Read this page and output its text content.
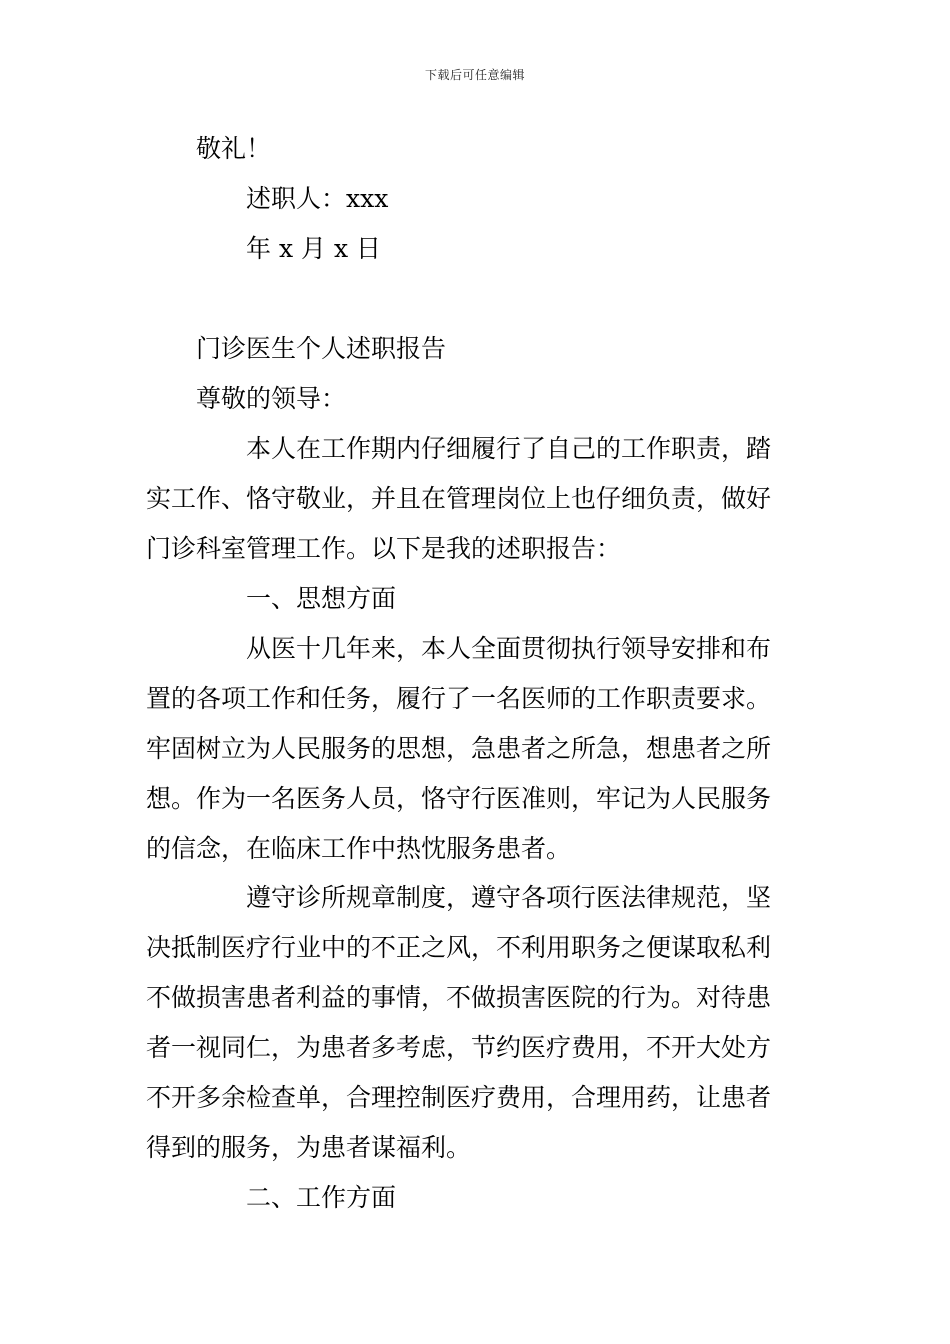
下载后可任意编辑
敬礼！
述职人：xxx
年 x 月 x 日
门诊医生个人述职报告
尊敬的领导：
本人在工作期内仔细履行了自己的工作职责，踏
实工作、恪守敬业，并且在管理岗位上也仔细负责，做好
门诊科室管理工作。以下是我的述职报告：
一、思想方面
从医十几年来，本人全面贯彻执行领导安排和布
置的各项工作和任务，履行了一名医师的工作职责要求。
牢固树立为人民服务的思想，急患者之所急，想患者之所
想。作为一名医务人员，恪守行医准则，牢记为人民服务
的信念，在临床工作中热忱服务患者。
遵守诊所规章制度，遵守各项行医法律规范，坚
决抵制医疗行业中的不正之风，不利用职务之便谋取私利
不做损害患者利益的事情，不做损害医院的行为。对待患
者一视同仁，为患者多考虑，节约医疗费用，不开大处方
不开多余检查单，合理控制医疗费用，合理用药，让患者
得到的服务，为患者谋福利。
二、工作方面
